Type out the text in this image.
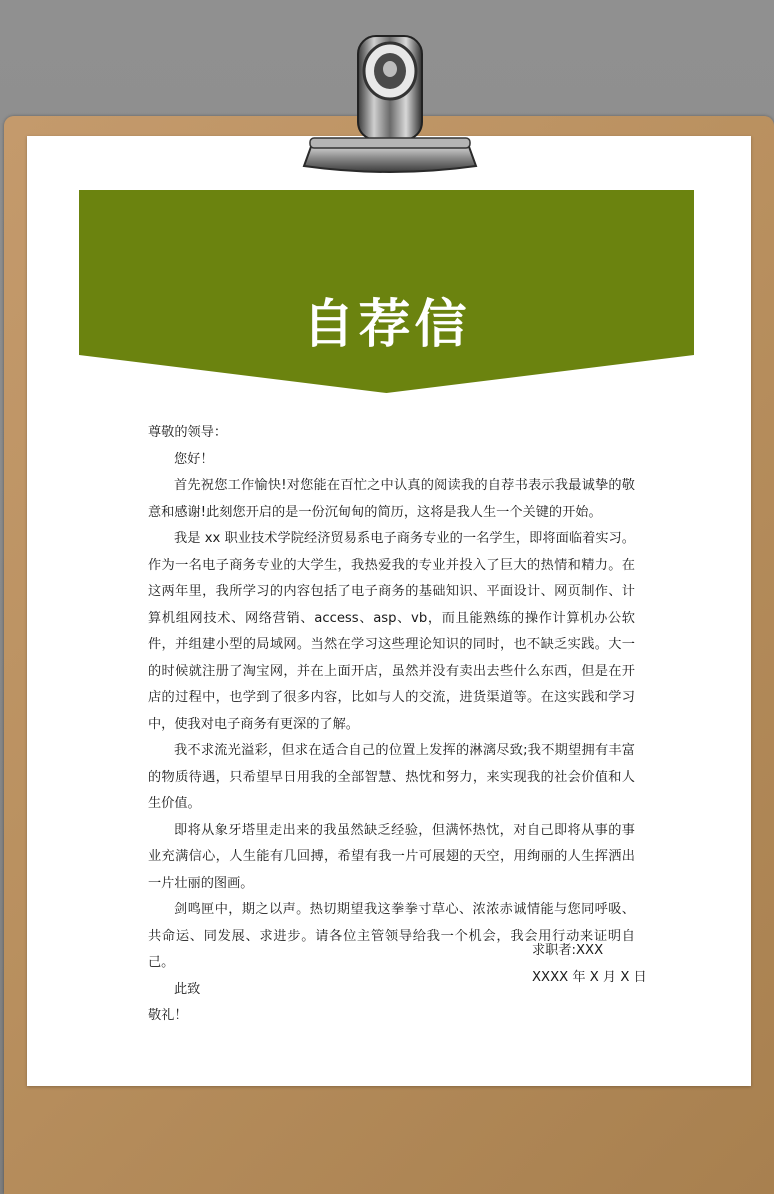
自荐信

尊敬的领导：

您好！

首先祝您工作愉快!对您能在百忙之中认真的阅读我的自荐书表示我最诚挚的敬意和感谢!此刻您开启的是一份沉甸甸的简历，这将是我人生一个关键的开始。

我是 xx 职业技术学院经济贸易系电子商务专业的一名学生，即将面临着实习。作为一名电子商务专业的大学生，我热爱我的专业并投入了巨大的热情和精力。在这两年里，我所学习的内容包括了电子商务的基础知识、平面设计、网页制作、计算机组网技术、网络营销、access、asp、vb，而且能熟练的操作计算机办公软件，并组建小型的局域网。当然在学习这些理论知识的同时，也不缺乏实践。大一的时候就注册了淘宝网，并在上面开店，虽然并没有卖出去些什么东西，但是在开店的过程中，也学到了很多内容，比如与人的交流，进货渠道等。在这实践和学习中，使我对电子商务有更深的了解。

我不求流光溢彩，但求在适合自己的位置上发挥的淋漓尽致;我不期望拥有丰富的物质待遇，只希望早日用我的全部智慧、热忱和努力，来实现我的社会价值和人生价值。

即将从象牙塔里走出来的我虽然缺乏经验，但满怀热忱，对自己即将从事的事业充满信心，人生能有几回搏，希望有我一片可展翅的天空，用绚丽的人生挥洒出一片壮丽的图画。

剑鸣匣中，期之以声。热切期望我这拳拳寸草心、浓浓赤诚情能与您同呼吸、共命运、同发展、求进步。请各位主管领导给我一个机会，我会用行动来证明自己。

此致

敬礼！

求职者:XXX
XXXX 年 X 月 X 日
